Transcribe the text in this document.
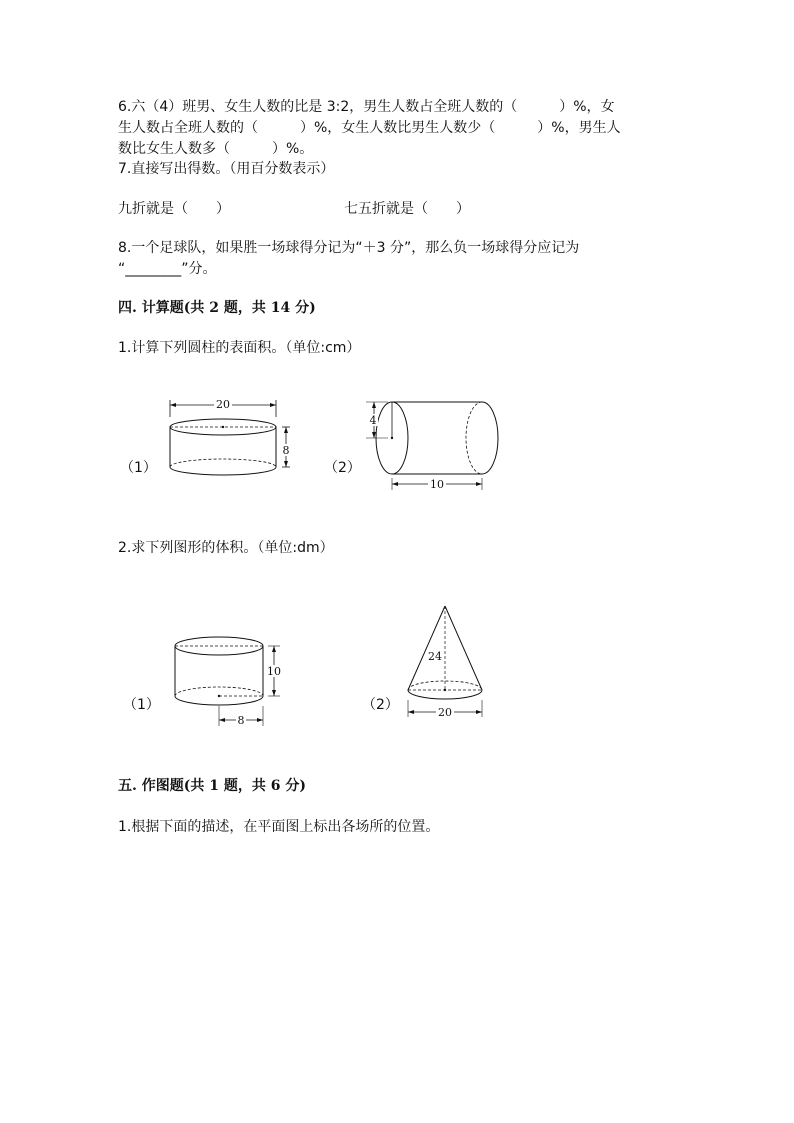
6.六（4）班男、女生人数的比是 3:2，男生人数占全班人数的（　　　）%，女
生人数占全班人数的（　　　）%，女生人数比男生人数少（　　　）%，男生人
数比女生人数多（　　　）%。
7.直接写出得数。（用百分数表示）
九折就是（　　）	七五折就是（　　）
8.一个足球队，如果胜一场球得分记为“＋3 分”，那么负一场球得分应记为
“________”分。
四. 计算题(共 2 题，共 14 分)
1.计算下列圆柱的表面积。（单位:cm）
（1）
20
8
（2）
4
10
2.求下列图形的体积。（单位:dm）
（1）
10
8
（2）
24
20
五. 作图题(共 1 题，共 6 分)
1.根据下面的描述，在平面图上标出各场所的位置。
